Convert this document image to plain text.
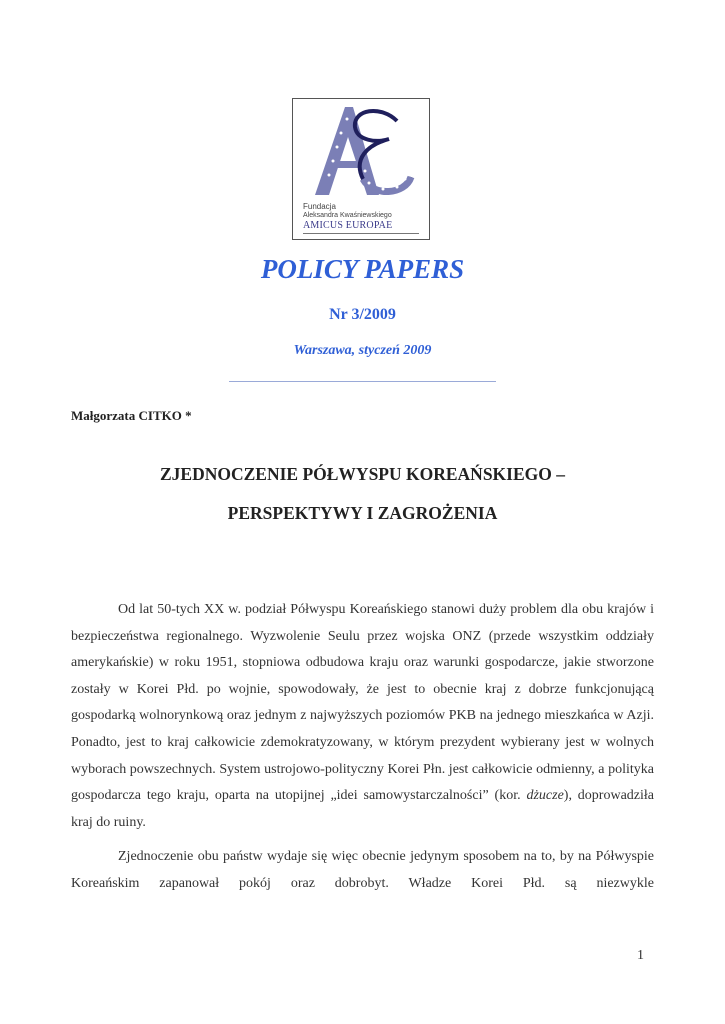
Fundacja
Aleksandra Kwaśniewskiego
AMICUS EUROPAE
POLICY PAPERS
Nr 3/2009
Warszawa, styczeń 2009
Małgorzata CITKO *
ZJEDNOCZENIE PÓŁWYSPU KOREAŃSKIEGO –
PERSPEKTYWY I ZAGROŻENIA

Od lat 50-tych XX w. podział Półwyspu Koreańskiego stanowi duży problem dla obu krajów i bezpieczeństwa regionalnego. Wyzwolenie Seulu przez wojska ONZ (przede wszystkim oddziały amerykańskie) w roku 1951, stopniowa odbudowa kraju oraz warunki gospodarcze, jakie stworzone zostały w Korei Płd. po wojnie, spowodowały, że jest to obecnie kraj z dobrze funkcjonującą gospodarką wolnorynkową oraz jednym z najwyższych poziomów PKB na jednego mieszkańca w Azji. Ponadto, jest to kraj całkowicie zdemokratyzowany, w którym prezydent wybierany jest w wolnych wyborach powszechnych. System ustrojowo-polityczny Korei Płn. jest całkowicie odmienny, a polityka gospodarcza tego kraju, oparta na utopijnej „idei samowystarczalności” (kor. dżucze), doprowadziła kraj do ruiny.

Zjednoczenie obu państw wydaje się więc obecnie jedynym sposobem na to, by na Półwyspie Koreańskim zapanował pokój oraz dobrobyt. Władze Korei Płd. są niezwykle

1
